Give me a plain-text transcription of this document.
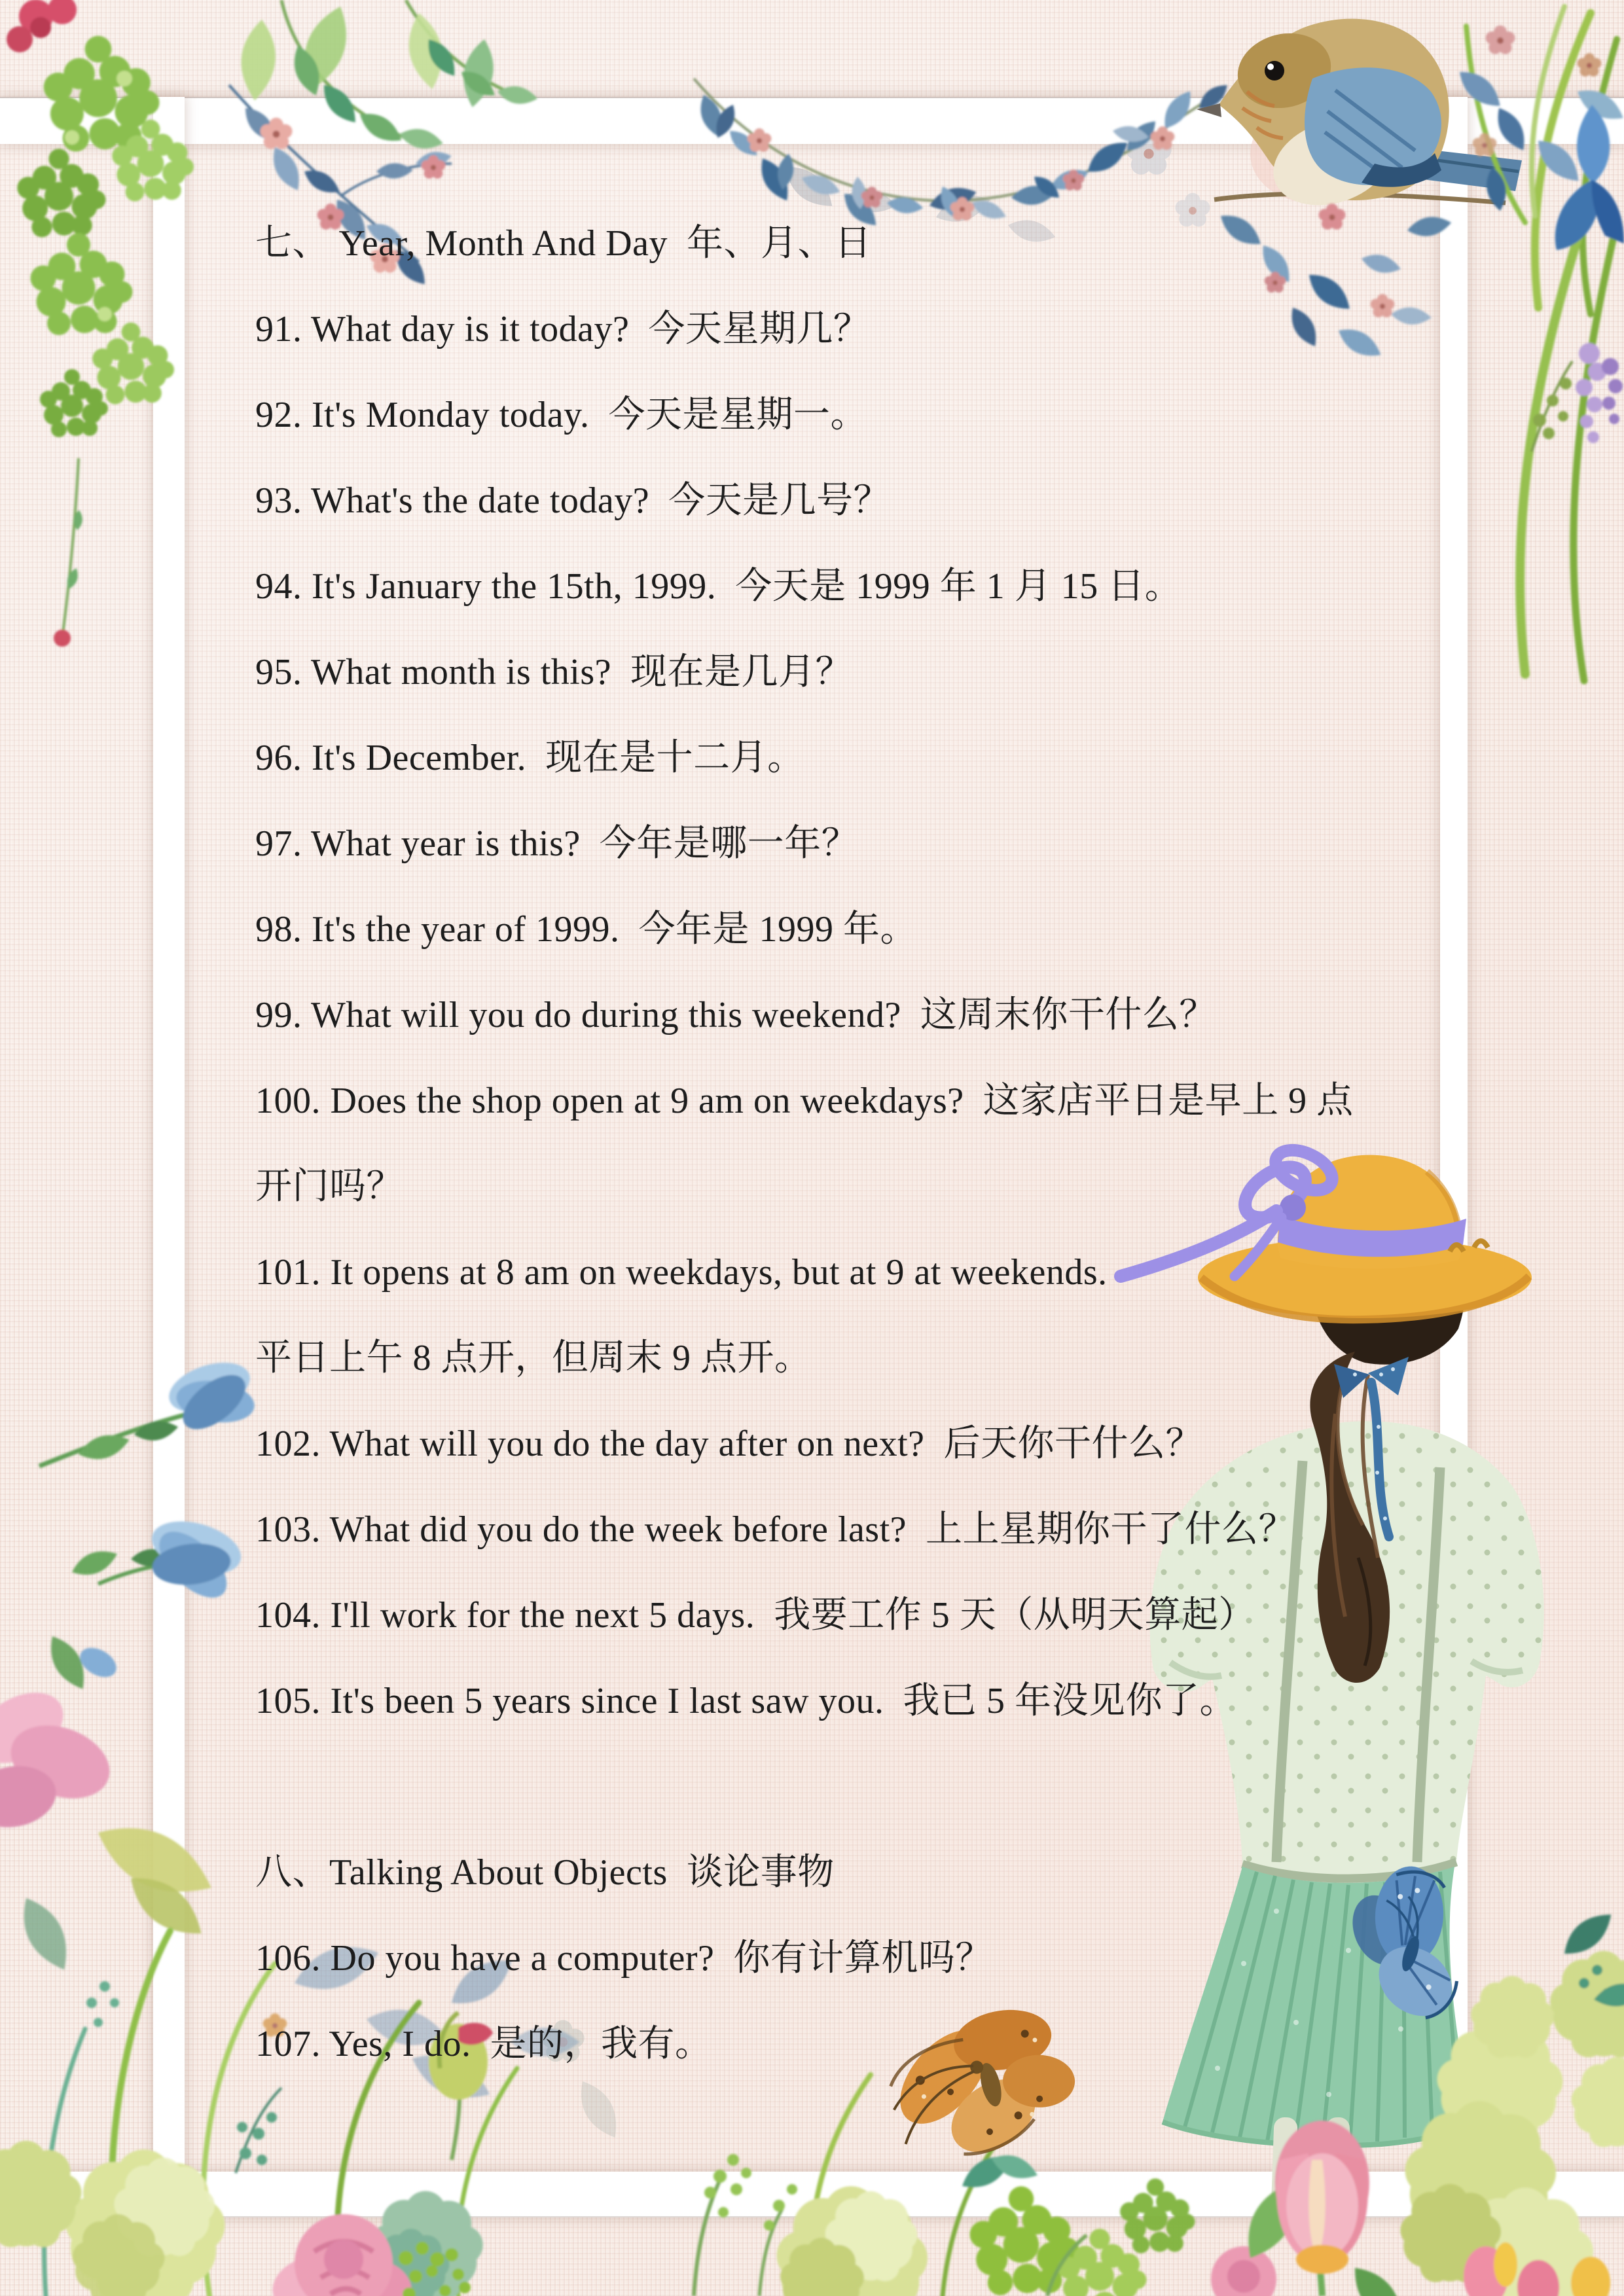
七、 Year, Month And Day  年、月、日
91. What day is it today?  今天星期几？
92. It's Monday today.  今天是星期一。
93. What's the date today?  今天是几号？
94. It's January the 15th, 1999.  今天是 1999 年 1 月 15 日。
95. What month is this?  现在是几月？
96. It's December.  现在是十二月。
97. What year is this?  今年是哪一年？
98. It's the year of 1999.  今年是 1999 年。
99. What will you do during this weekend?  这周末你干什么？
100. Does the shop open at 9 am on weekdays?  这家店平日是早上 9 点
开门吗？
101. It opens at 8 am on weekdays, but at 9 at weekends.
平日上午 8 点开，但周末 9 点开。
102. What will you do the day after on next?  后天你干什么？
103. What did you do the week before last?  上上星期你干了什么？
104. I'll work for the next 5 days.  我要工作 5 天（从明天算起）
105. It's been 5 years since I last saw you.  我已 5 年没见你了。
八、Talking About Objects  谈论事物
106. Do you have a computer?  你有计算机吗？
107. Yes, I do.  是的，我有。
